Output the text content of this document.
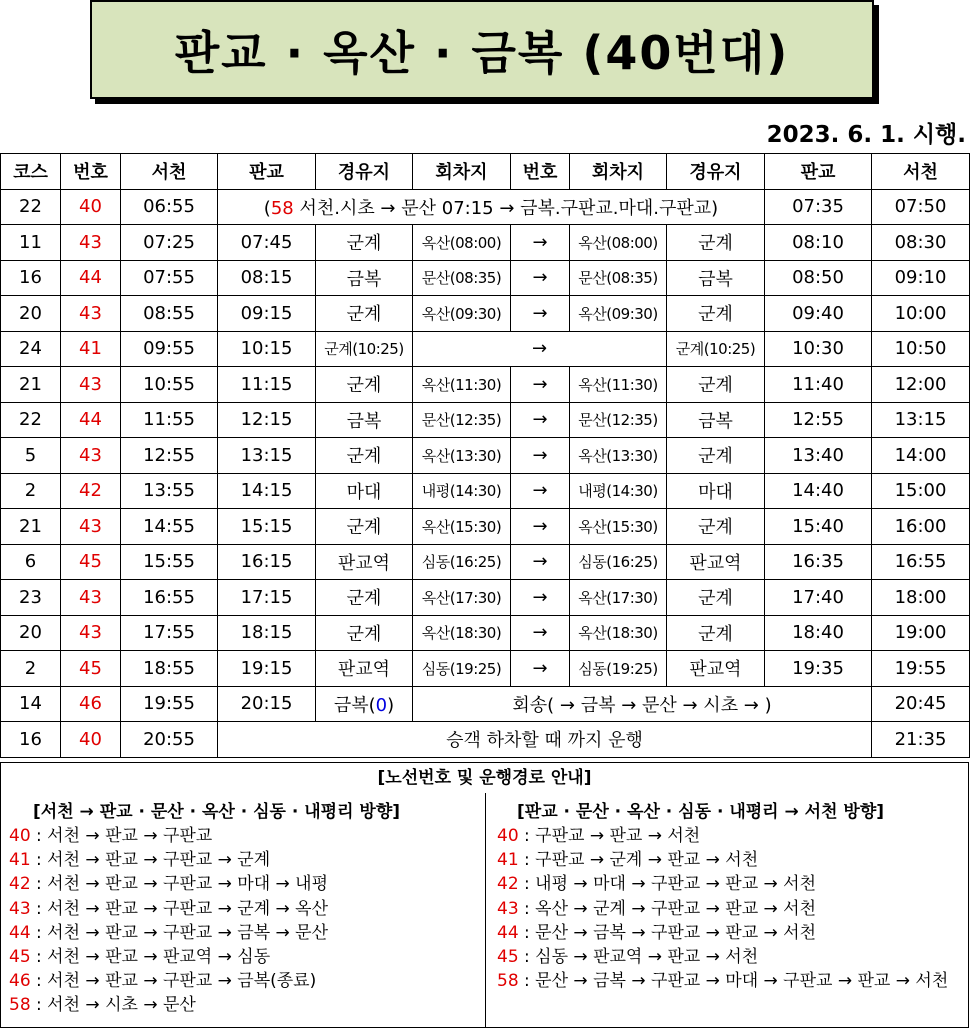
판교 · 옥산 · 금복 (40번대)
2023. 6. 1. 시행.
코스	번호	서천	판교	경유지	회차지	번호	회차지	경유지	판교	서천
22	40	06:55	(58 서천.시초 → 문산 07:15 → 금복.구판교.마대.구판교)						07:35	07:50
11	43	07:25	07:45	군계	옥산(08:00)	→	옥산(08:00)	군계	08:10	08:30
16	44	07:55	08:15	금복	문산(08:35)	→	문산(08:35)	금복	08:50	09:10
20	43	08:55	09:15	군계	옥산(09:30)	→	옥산(09:30)	군계	09:40	10:00
24	41	09:55	10:15	군계(10:25)	→			군계(10:25)	10:30	10:50
21	43	10:55	11:15	군계	옥산(11:30)	→	옥산(11:30)	군계	11:40	12:00
22	44	11:55	12:15	금복	문산(12:35)	→	문산(12:35)	금복	12:55	13:15
5	43	12:55	13:15	군계	옥산(13:30)	→	옥산(13:30)	군계	13:40	14:00
2	42	13:55	14:15	마대	내평(14:30)	→	내평(14:30)	마대	14:40	15:00
21	43	14:55	15:15	군계	옥산(15:30)	→	옥산(15:30)	군계	15:40	16:00
6	45	15:55	16:15	판교역	심동(16:25)	→	심동(16:25)	판교역	16:35	16:55
23	43	16:55	17:15	군계	옥산(17:30)	→	옥산(17:30)	군계	17:40	18:00
20	43	17:55	18:15	군계	옥산(18:30)	→	옥산(18:30)	군계	18:40	19:00
2	45	18:55	19:15	판교역	심동(19:25)	→	심동(19:25)	판교역	19:35	19:55
14	46	19:55	20:15	금복(0)	회송( → 금복 → 문산 → 시초 → )					20:45
16	40	20:55	승객 하차할 때 까지 운행							21:35
[노선번호 및 운행경로 안내]
[서천 → 판교 · 문산 · 옥산 · 심동 · 내평리 방향]
40 : 서천 → 판교 → 구판교
41 : 서천 → 판교 → 구판교 → 군계
42 : 서천 → 판교 → 구판교 → 마대 → 내평
43 : 서천 → 판교 → 구판교 → 군계 → 옥산
44 : 서천 → 판교 → 구판교 → 금복 → 문산
45 : 서천 → 판교 → 판교역 → 심동
46 : 서천 → 판교 → 구판교 → 금복(종료)
58 : 서천 → 시초 → 문산
[판교 · 문산 · 옥산 · 심동 · 내평리 → 서천 방향]
40 : 구판교 → 판교 → 서천
41 : 구판교 → 군계 → 판교 → 서천
42 : 내평 → 마대 → 구판교 → 판교 → 서천
43 : 옥산 → 군계 → 구판교 → 판교 → 서천
44 : 문산 → 금복 → 구판교 → 판교 → 서천
45 : 심동 → 판교역 → 판교 → 서천
58 : 문산 → 금복 → 구판교 → 마대 → 구판교 → 판교 → 서천
